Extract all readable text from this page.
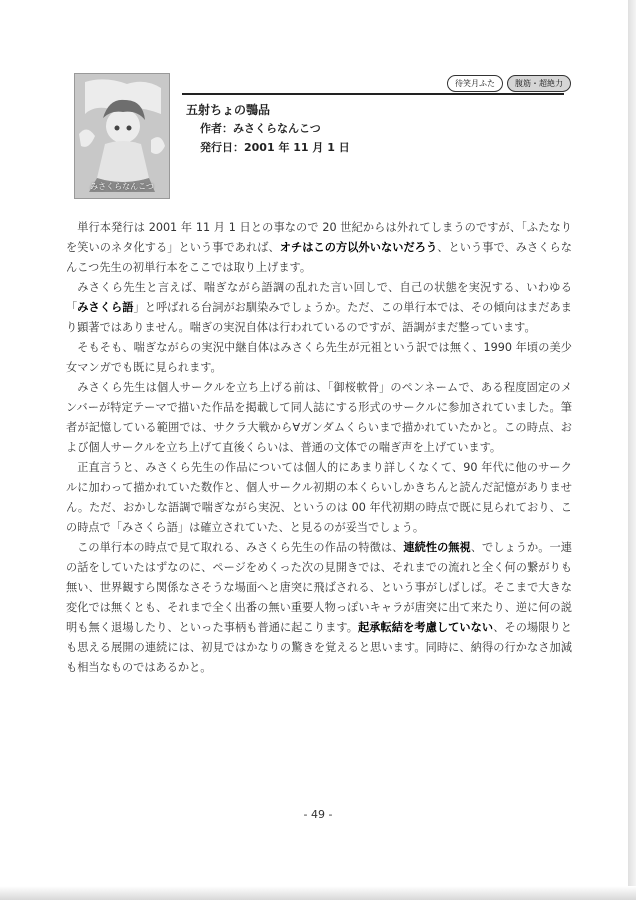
みさくらなんこつ
待笑月ふた	腹筋・超絶力
五射ちょの鶚品
作者：みさくらなんこつ
発行日：2001 年 11 月 1 日

単行本発行は 2001 年 11 月 1 日との事なので 20 世紀からは外れてしまうのですが、「ふたなりを笑いのネタ化する」という事であれば、オチはこの方以外いないだろう、という事で、みさくらなんこつ先生の初単行本をここでは取り上げます。

みさくら先生と言えば、喘ぎながら語調の乱れた言い回しで、自己の状態を実況する、いわゆる「みさくら語」と呼ばれる台詞がお馴染みでしょうか。ただ、この単行本では、その傾向はまだあまり顕著ではありません。喘ぎの実況自体は行われているのですが、語調がまだ整っています。

そもそも、喘ぎながらの実況中継自体はみさくら先生が元祖という訳では無く、1990 年頃の美少女マンガでも既に見られます。

みさくら先生は個人サークルを立ち上げる前は、「御桜軟骨」のペンネームで、ある程度固定のメンバーが特定テーマで描いた作品を掲載して同人誌にする形式のサークルに参加されていました。筆者が記憶している範囲では、サクラ大戦から∀ガンダムくらいまで描かれていたかと。この時点、および個人サークルを立ち上げて直後くらいは、普通の文体での喘ぎ声を上げています。

正直言うと、みさくら先生の作品については個人的にあまり詳しくなくて、90 年代に他のサークルに加わって描かれていた数作と、個人サークル初期の本くらいしかきちんと読んだ記憶がありません。ただ、おかしな語調で喘ぎながら実況、というのは 00 年代初期の時点で既に見られており、この時点で「みさくら語」は確立されていた、と見るのが妥当でしょう。

この単行本の時点で見て取れる、みさくら先生の作品の特徴は、連続性の無視、でしょうか。一連の話をしていたはずなのに、ページをめくった次の見開きでは、それまでの流れと全く何の繋がりも無い、世界観すら関係なさそうな場面へと唐突に飛ばされる、という事がしばしば。そこまで大きな変化では無くとも、それまで全く出番の無い重要人物っぽいキャラが唐突に出て来たり、逆に何の説明も無く退場したり、といった事柄も普通に起こります。起承転結を考慮していない、その場限りとも思える展開の連続には、初見ではかなりの驚きを覚えると思います。同時に、納得の行かなさ加減も相当なものではあるかと。

- 49 -
